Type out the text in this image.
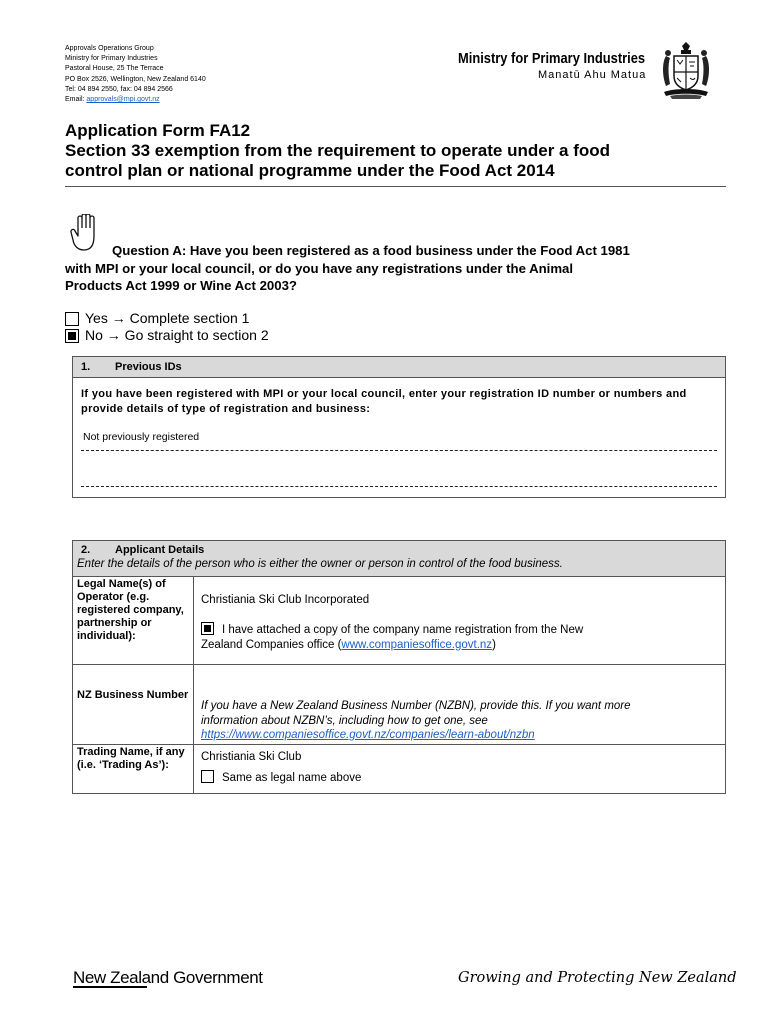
Approvals Operations Group
Ministry for Primary Industries
Pastoral House, 25 The Terrace
PO Box 2526, Wellington, New Zealand 6140
Tel: 04 894 2550, fax: 04 894 2566
Email: approvals@mpi.govt.nz
Ministry for Primary Industries
Manatū Ahu Matua
Application Form FA12
Section 33 exemption from the requirement to operate under a food
control plan or national programme under the Food Act 2014
Question A: Have you been registered as a food business under the Food Act 1981
with MPI or your local council, or do you have any registrations under the Animal
Products Act 1999 or Wine Act 2003?
Yes → Complete section 1
No → Go straight to section 2
1. Previous IDs
If you have been registered with MPI or your local council, enter your registration ID number or numbers and provide details of type of registration and business:
Not previously registered
2. Applicant Details
Enter the details of the person who is either the owner or person in control of the food business.
Legal Name(s) of Operator (e.g. registered company, partnership or individual):
Christiania Ski Club Incorporated
I have attached a copy of the company name registration from the New
Zealand Companies office (www.companiesoffice.govt.nz)
NZ Business Number
If you have a New Zealand Business Number (NZBN), provide this. If you want more
information about NZBN’s, including how to get one, see
https://www.companiesoffice.govt.nz/companies/learn-about/nzbn
Trading Name, if any (i.e. ‘Trading As’):
Christiania Ski Club
Same as legal name above
New Zealand Government	Growing and Protecting New Zealand
